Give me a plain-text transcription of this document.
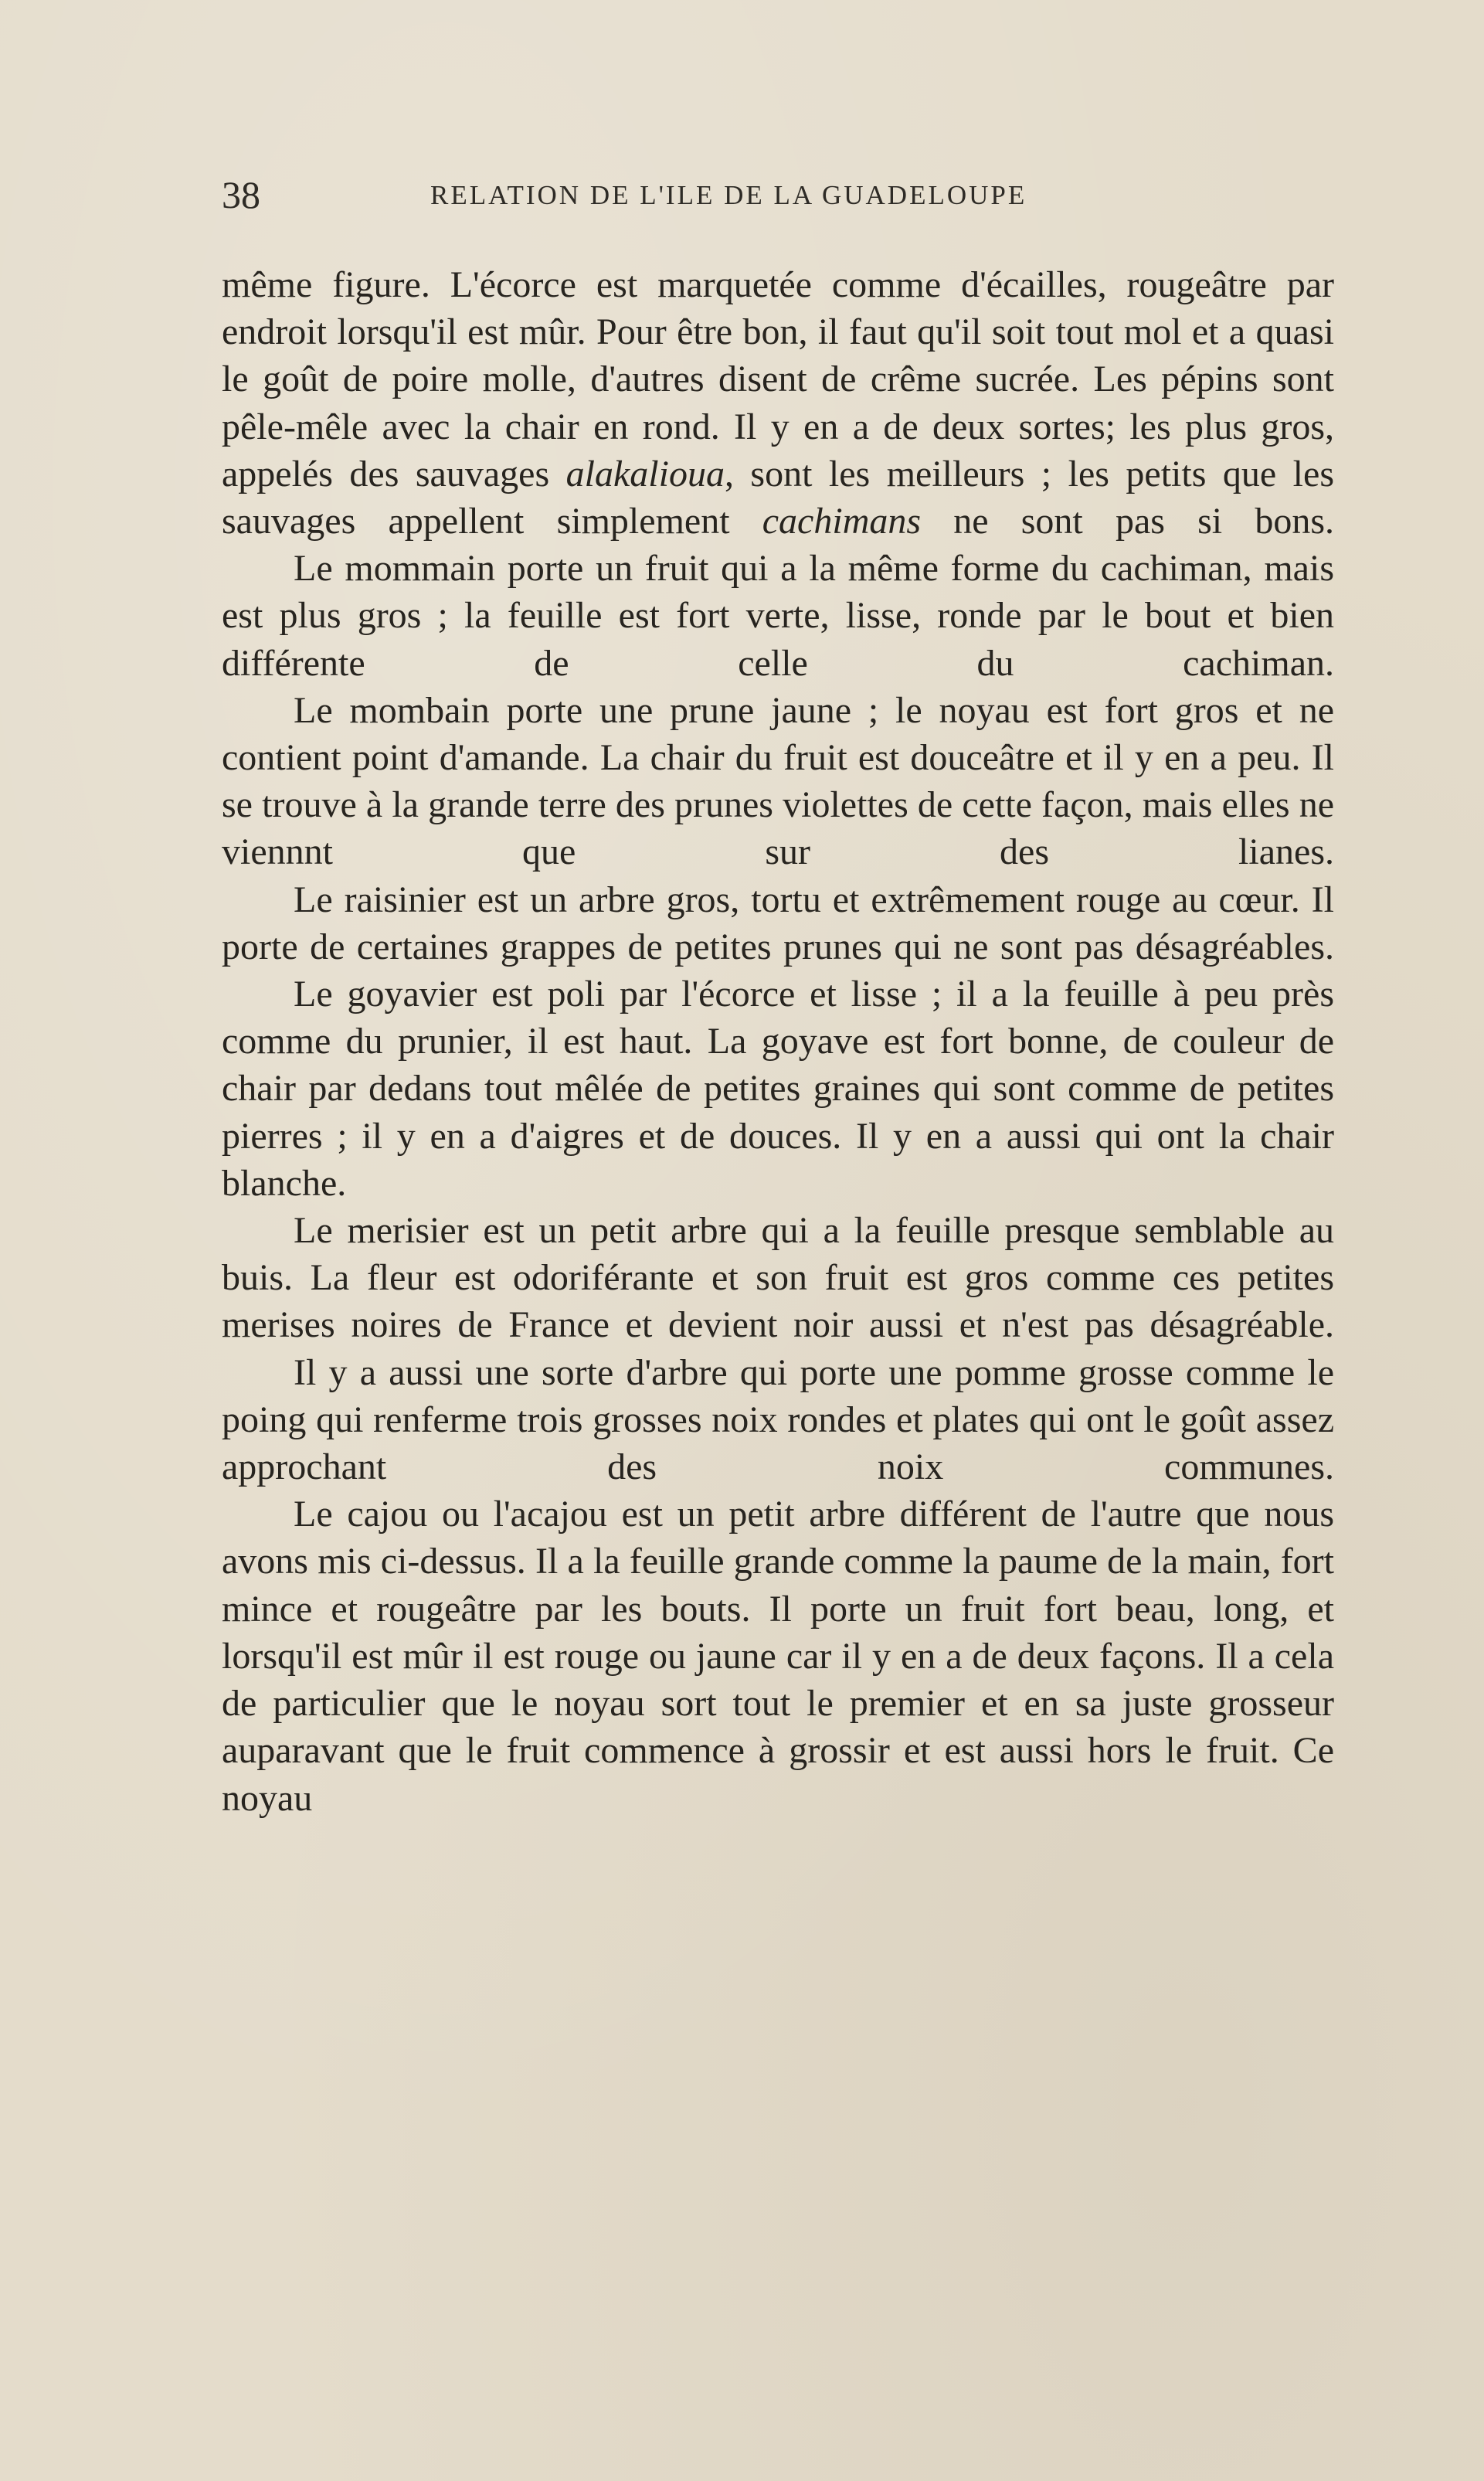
38	RELATION DE L'ILE DE LA GUADELOUPE

même figure. L'écorce est marquetée comme d'écailles, rougeâtre par endroit lorsqu'il est mûr. Pour être bon, il faut qu'il soit tout mol et a quasi le goût de poire molle, d'autres disent de crême sucrée. Les pépins sont pêle-mêle avec la chair en rond. Il y en a de deux sortes; les plus gros, appelés des sauvages alakalioua, sont les meilleurs ; les petits que les sauvages appellent simplement cachimans ne sont pas si bons.

Le mommain porte un fruit qui a la même forme du cachiman, mais est plus gros ; la feuille est fort verte, lisse, ronde par le bout et bien différente de celle du cachiman.

Le mombain porte une prune jaune ; le noyau est fort gros et ne contient point d'amande. La chair du fruit est douceâtre et il y en a peu. Il se trouve à la grande terre des prunes violettes de cette façon, mais elles ne viennnt que sur des lianes.

Le raisinier est un arbre gros, tortu et extrêmement rouge au cœur. Il porte de certaines grappes de petites prunes qui ne sont pas désagréables.

Le goyavier est poli par l'écorce et lisse ; il a la feuille à peu près comme du prunier, il est haut. La goyave est fort bonne, de couleur de chair par dedans tout mêlée de petites graines qui sont comme de petites pierres ; il y en a d'aigres et de douces. Il y en a aussi qui ont la chair blanche.

Le merisier est un petit arbre qui a la feuille presque semblable au buis. La fleur est odoriférante et son fruit est gros comme ces petites merises noires de France et devient noir aussi et n'est pas désagréable.

Il y a aussi une sorte d'arbre qui porte une pomme grosse comme le poing qui renferme trois grosses noix rondes et plates qui ont le goût assez approchant des noix communes.

Le cajou ou l'acajou est un petit arbre différent de l'autre que nous avons mis ci-dessus. Il a la feuille grande comme la paume de la main, fort mince et rougeâtre par les bouts. Il porte un fruit fort beau, long, et lorsqu'il est mûr il est rouge ou jaune car il y en a de deux façons. Il a cela de particulier que le noyau sort tout le premier et en sa juste grosseur auparavant que le fruit commence à grossir et est aussi hors le fruit. Ce noyau
